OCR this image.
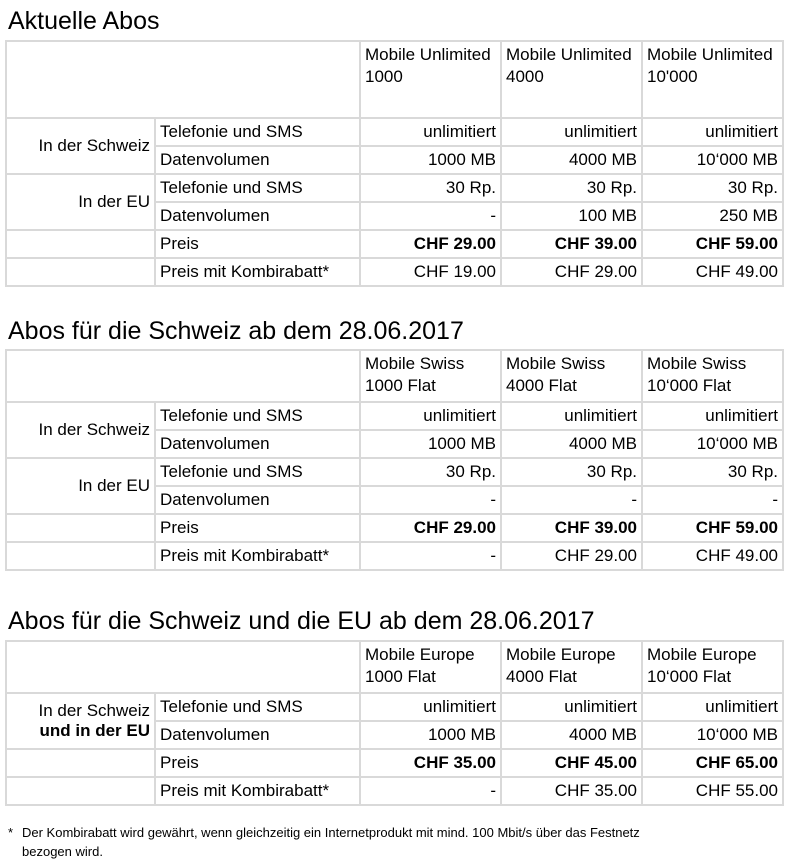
Aktuelle Abos
		Mobile Unlimited 1000	Mobile Unlimited 4000	Mobile Unlimited 10'000
In der Schweiz	Telefonie und SMS	unlimitiert	unlimitiert	unlimitiert
	Datenvolumen	1000 MB	4000 MB	10‘000 MB
In der EU	Telefonie und SMS	30 Rp.	30 Rp.	30 Rp.
	Datenvolumen	-	100 MB	250 MB
	Preis	CHF 29.00	CHF 39.00	CHF 59.00
	Preis mit Kombirabatt*	CHF 19.00	CHF 29.00	CHF 49.00
Abos für die Schweiz ab dem 28.06.2017
		Mobile Swiss 1000 Flat	Mobile Swiss 4000 Flat	Mobile Swiss 10‘000 Flat
In der Schweiz	Telefonie und SMS	unlimitiert	unlimitiert	unlimitiert
	Datenvolumen	1000 MB	4000 MB	10‘000 MB
In der EU	Telefonie und SMS	30 Rp.	30 Rp.	30 Rp.
	Datenvolumen	-	-	-
	Preis	CHF 29.00	CHF 39.00	CHF 59.00
	Preis mit Kombirabatt*	-	CHF 29.00	CHF 49.00
Abos für die Schweiz und die EU ab dem 28.06.2017
		Mobile Europe 1000 Flat	Mobile Europe 4000 Flat	Mobile Europe 10‘000 Flat

In der Schweiz
und in der EU	Telefonie und SMS	unlimitiert	unlimitiert	unlimitiert
	Datenvolumen	1000 MB	4000 MB	10‘000 MB
	Preis	CHF 35.00	CHF 45.00	CHF 65.00
	Preis mit Kombirabatt*	-	CHF 35.00	CHF 55.00
* Der Kombirabatt wird gewährt, wenn gleichzeitig ein Internetprodukt mit mind. 100 Mbit/s über das Festnetz
bezogen wird.
